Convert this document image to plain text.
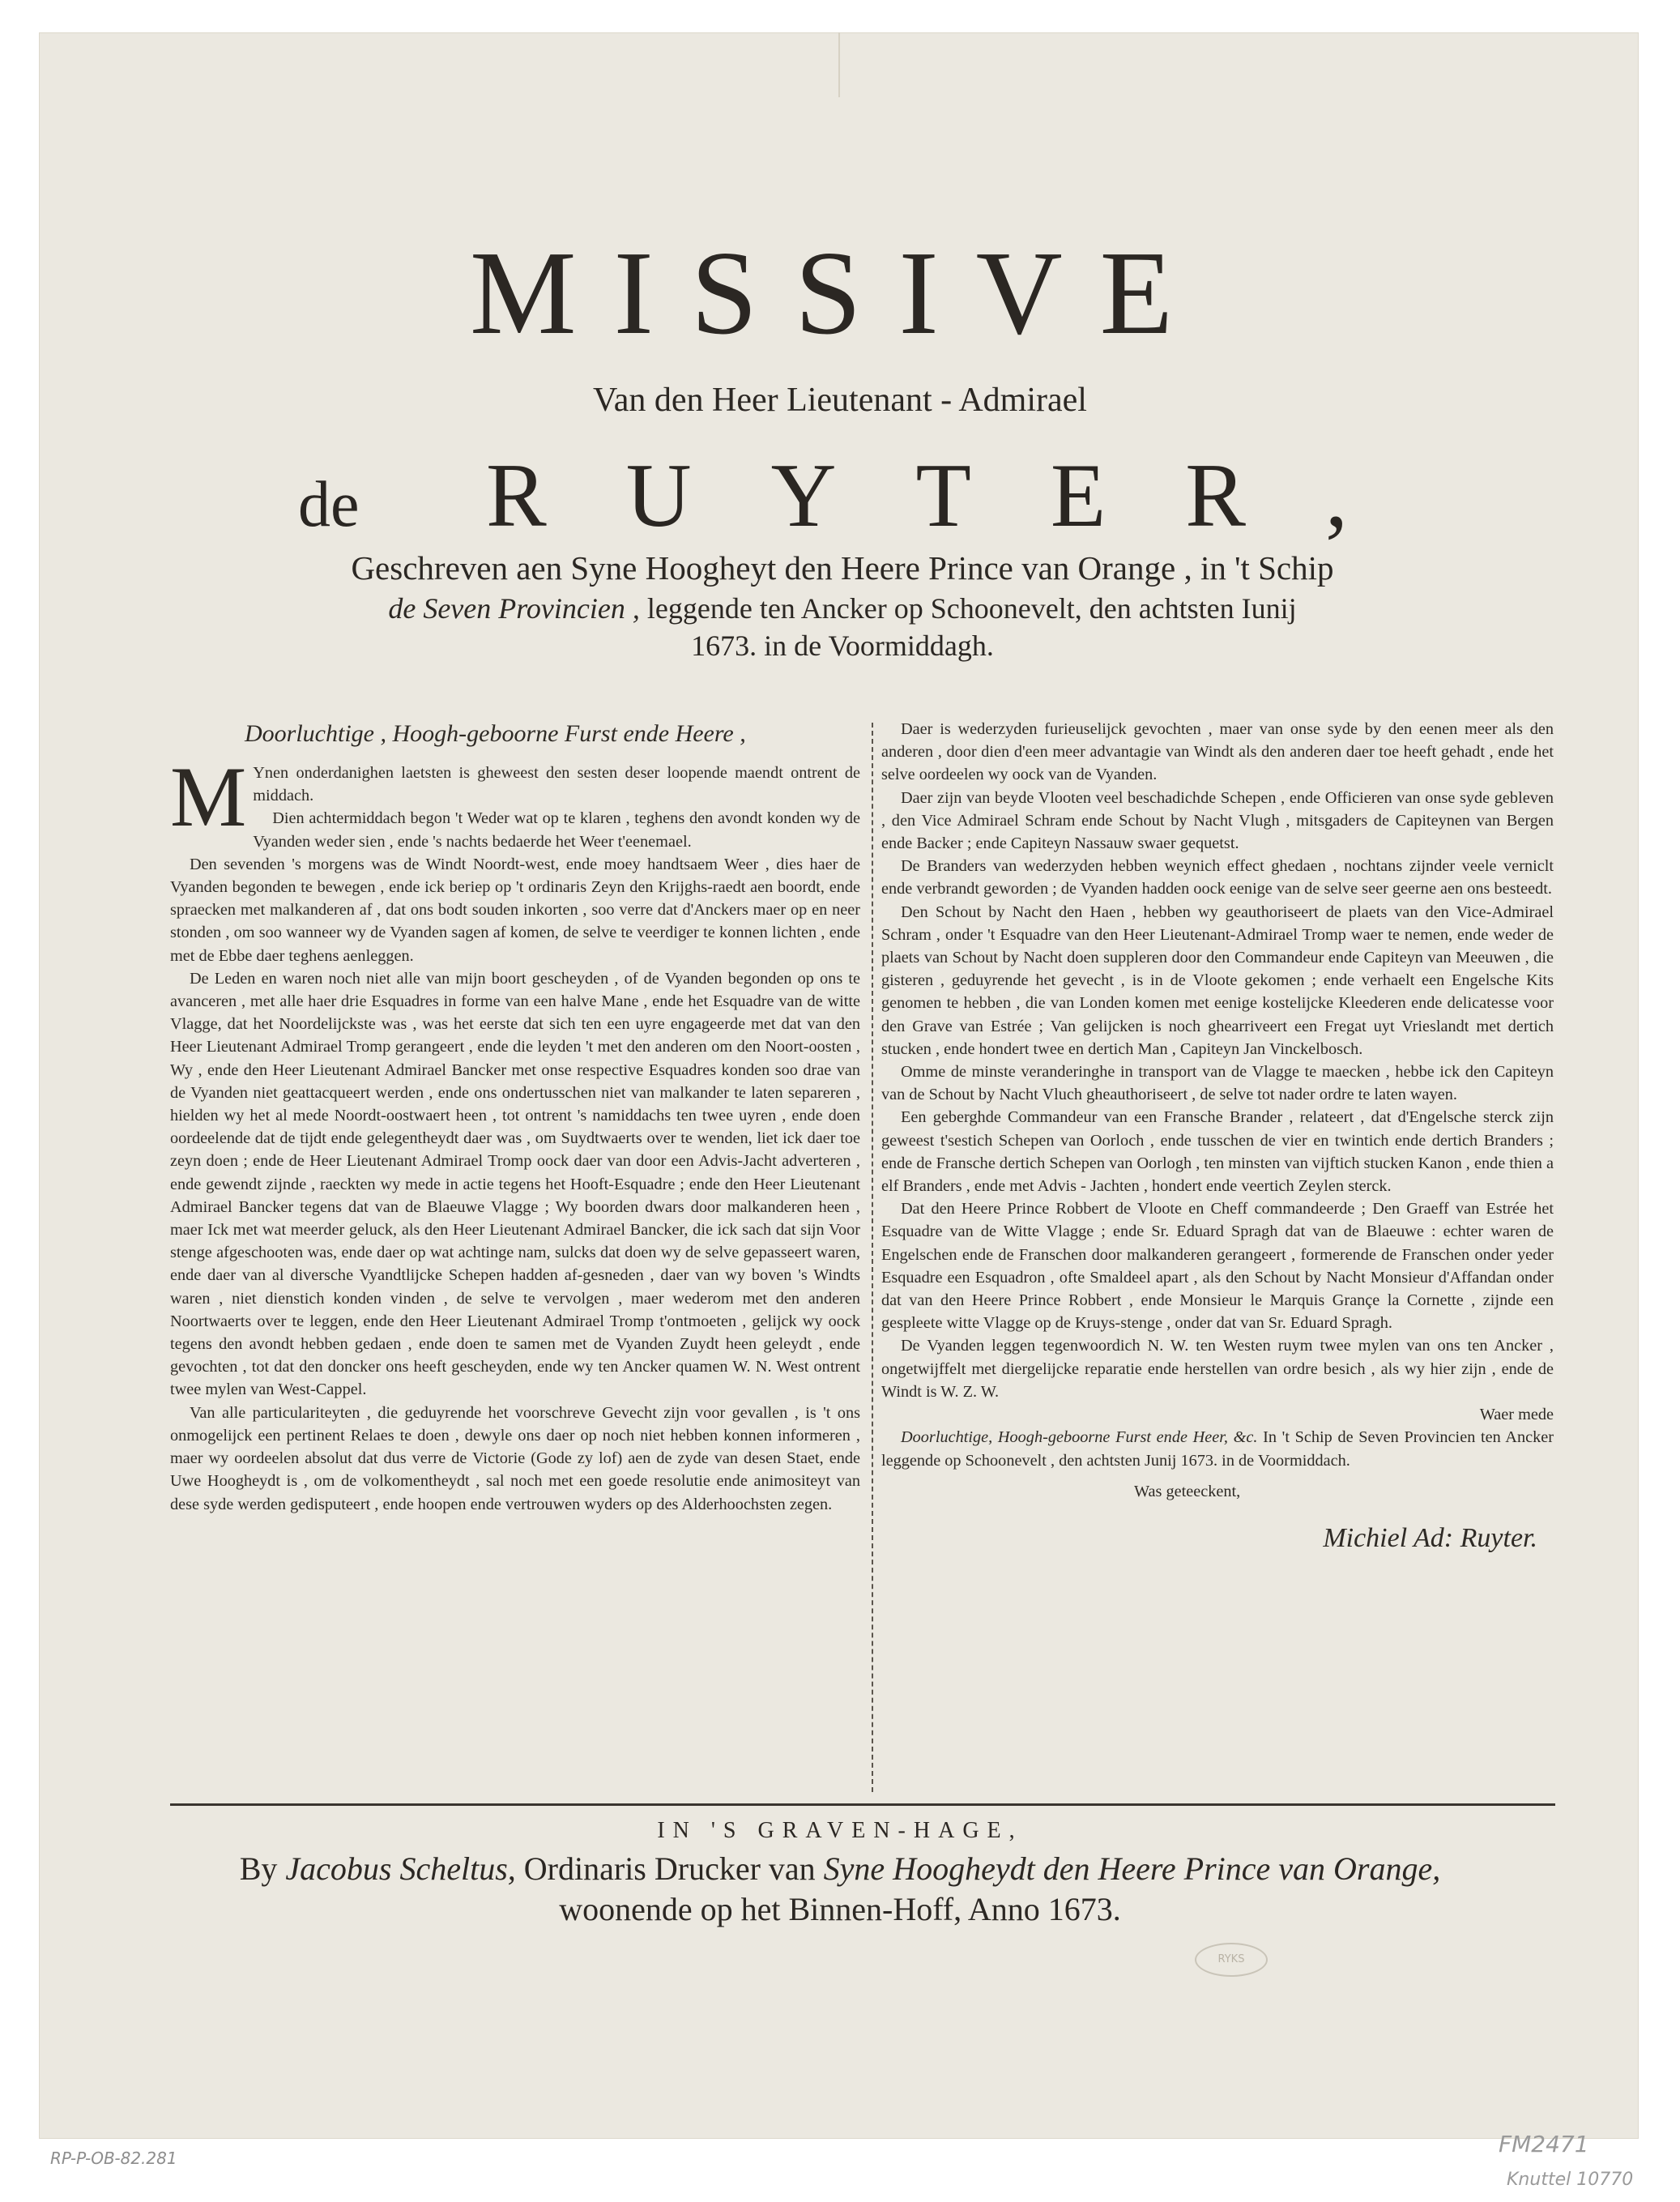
MISSIVE
Van den Heer Lieutenant - Admirael
de RUYTER,
Geschreven aen Syne Hoogheyt den Heere Prince van Orange , in 't Schip
de Seven Provincien , leggende ten Ancker op Schoonevelt, den achtsten Iunij
1673. in de Voormiddagh.
Doorluchtige , Hoogh-geboorne Furst ende Heere ,

M Ynen onderdanighen laetsten is gheweest den sesten deser loopende maendt ontrent de middach.

Dien achtermiddach begon 't Weder wat op te klaren , teghens den avondt konden wy de Vyanden weder sien , ende 's nachts bedaerde het Weer t'eenemael.

Den sevenden 's morgens was de Windt Noordt-west, ende moey handtsaem Weer , dies haer de Vyanden begonden te bewegen , ende ick beriep op 't ordinaris Zeyn den Krijghs-raedt aen boordt, ende spraecken met malkanderen af , dat ons bodt souden inkorten , soo verre dat d'Anckers maer op en neer stonden , om soo wanneer wy de Vyanden sagen af komen, de selve te veerdiger te konnen lichten , ende met de Ebbe daer teghens aenleggen.

De Leden en waren noch niet alle van mijn boort gescheyden , of de Vyanden begonden op ons te avanceren , met alle haer drie Esquadres in forme van een halve Mane , ende het Esquadre van de witte Vlagge, dat het Noordelijckste was , was het eerste dat sich ten een uyre engageerde met dat van den Heer Lieutenant Admirael Tromp gerangeert , ende die leyden 't met den anderen om den Noort-oosten , Wy , ende den Heer Lieutenant Admirael Bancker met onse respective Esquadres konden soo drae van de Vyanden niet geattacqueert werden , ende ons ondertusschen niet van malkander te laten separeren , hielden wy het al mede Noordt-oostwaert heen , tot ontrent 's namiddachs ten twee uyren , ende doen oordeelende dat de tijdt ende gelegentheydt daer was , om Suydtwaerts over te wenden, liet ick daer toe zeyn doen ; ende de Heer Lieutenant Admirael Tromp oock daer van door een Advis-Jacht adverteren , ende gewendt zijnde , raeckten wy mede in actie tegens het Hooft-Esquadre ; ende den Heer Lieutenant Admirael Bancker tegens dat van de Blaeuwe Vlagge ; Wy boorden dwars door malkanderen heen , maer Ick met wat meerder geluck, als den Heer Lieutenant Admirael Bancker, die ick sach dat sijn Voor stenge afgeschooten was, ende daer op wat achtinge nam, sulcks dat doen wy de selve gepasseert waren, ende daer van al diversche Vyandtlijcke Schepen hadden af-gesneden , daer van wy boven 's Windts waren , niet dienstich konden vinden , de selve te vervolgen , maer wederom met den anderen Noortwaerts over te leggen, ende den Heer Lieutenant Admirael Tromp t'ontmoeten , gelijck wy oock tegens den avondt hebben gedaen , ende doen te samen met de Vyanden Zuydt heen geleydt , ende gevochten , tot dat den doncker ons heeft gescheyden, ende wy ten Ancker quamen W. N. West ontrent twee mylen van West-Cappel.

Van alle particulariteyten , die geduyrende het voorschreve Gevecht zijn voor gevallen , is 't ons onmogelijck een pertinent Relaes te doen , dewyle ons daer op noch niet hebben konnen informeren , maer wy oordeelen absolut dat dus verre de Victorie (Gode zy lof) aen de zyde van desen Staet, ende Uwe Hoogheydt is , om de volkomentheydt , sal noch met een goede resolutie ende animositeyt van dese syde werden gedisputeert , ende hoopen ende vertrouwen wyders op des Alderhoochsten zegen.

Daer is wederzyden furieuselijck gevochten , maer van onse syde by den eenen meer als den anderen , door dien d'een meer advantagie van Windt als den anderen daer toe heeft gehadt , ende het selve oordeelen wy oock van de Vyanden.

Daer zijn van beyde Vlooten veel beschadichde Schepen , ende Officieren van onse syde gebleven , den Vice Admirael Schram ende Schout by Nacht Vlugh , mitsgaders de Capiteynen van Bergen ende Backer ; ende Capiteyn Nassauw swaer gequetst.

De Branders van wederzyden hebben weynich effect ghedaen , nochtans zijnder veele verniclt ende verbrandt geworden ; de Vyanden hadden oock eenige van de selve seer geerne aen ons besteedt.

Den Schout by Nacht den Haen , hebben wy geauthoriseert de plaets van den Vice-Admirael Schram , onder 't Esquadre van den Heer Lieutenant-Admirael Tromp waer te nemen, ende weder de plaets van Schout by Nacht doen suppleren door den Commandeur ende Capiteyn van Meeuwen , die gisteren , geduyrende het gevecht , is in de Vloote gekomen ; ende verhaelt een Engelsche Kits genomen te hebben , die van Londen komen met eenige kostelijcke Kleederen ende delicatesse voor den Grave van Estrée ; Van gelijcken is noch ghearriveert een Fregat uyt Vrieslandt met dertich stucken , ende hondert twee en dertich Man , Capiteyn Jan Vinckelbosch.

Omme de minste veranderinghe in transport van de Vlagge te maecken , hebbe ick den Capiteyn van de Schout by Nacht Vluch gheauthoriseert , de selve tot nader ordre te laten wayen.

Een geberghde Commandeur van een Fransche Brander , relateert , dat d'Engelsche sterck zijn geweest t'sestich Schepen van Oorloch , ende tusschen de vier en twintich ende dertich Branders ; ende de Fransche dertich Schepen van Oorlogh , ten minsten van vijftich stucken Kanon , ende thien a elf Branders , ende met Advis - Jachten , hondert ende veertich Zeylen sterck.

Dat den Heere Prince Robbert de Vloote en Cheff commandeerde ; Den Graeff van Estrée het Esquadre van de Witte Vlagge ; ende Sr. Eduard Spragh dat van de Blaeuwe : echter waren de Engelschen ende de Franschen door malkanderen gerangeert , formerende de Franschen onder yeder Esquadre een Esquadron , ofte Smaldeel apart , als den Schout by Nacht Monsieur d'Affandan onder dat van den Heere Prince Robbert , ende Monsieur le Marquis Grançe la Cornette , zijnde een gespleete witte Vlagge op de Kruys-stenge , onder dat van Sr. Eduard Spragh.

De Vyanden leggen tegenwoordich N. W. ten Westen ruym twee mylen van ons ten Ancker , ongetwijffelt met diergelijcke reparatie ende herstellen van ordre besich , als wy hier zijn , ende de Windt is W. Z. W.

Waer mede

Doorluchtige, Hoogh-geboorne Furst ende Heer, &c. In 't Schip de Seven Provincien ten Ancker leggende op Schoonevelt , den achtsten Junij 1673. in de Voormiddach.

Was geteeckent,

Michiel Ad: Ruyter.

IN 'S GRAVEN-HAGE,
By Jacobus Scheltus, Ordinaris Drucker van Syne Hoogheydt den Heere Prince van Orange,
woonende op het Binnen-Hoff, Anno 1673.
RYKS
RP-P-OB-82.281
FM2471
Knuttel 10770
